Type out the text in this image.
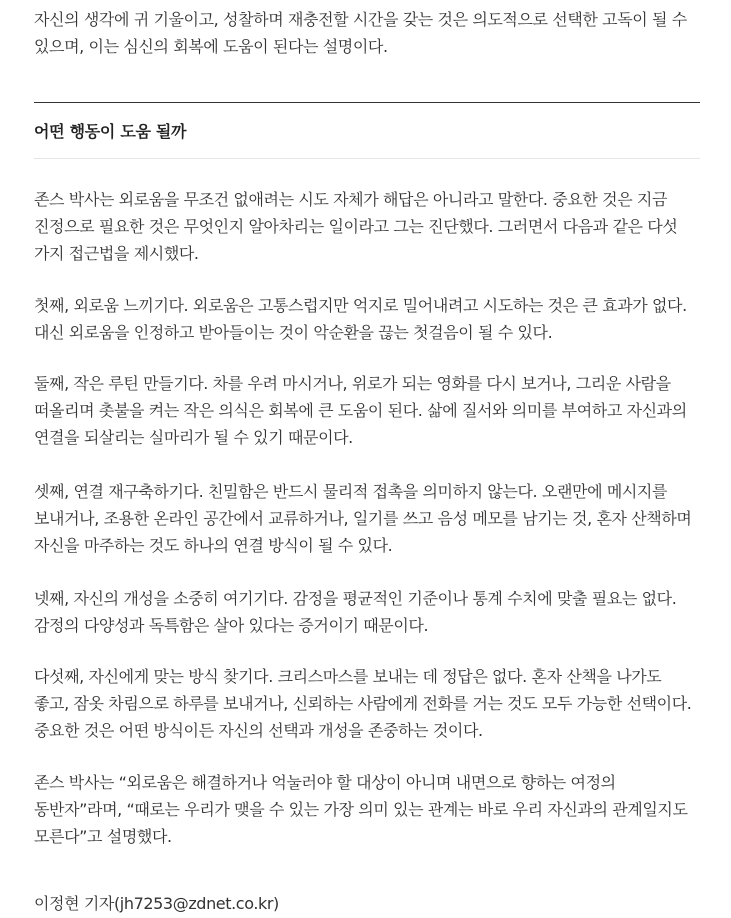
자신의 생각에 귀 기울이고, 성찰하며 재충전할 시간을 갖는 것은 의도적으로 선택한 고독이 될 수 있으며, 이는 심신의 회복에 도움이 된다는 설명이다.

어떤 행동이 도움 될까

존스 박사는 외로움을 무조건 없애려는 시도 자체가 해답은 아니라고 말한다. 중요한 것은 지금 진정으로 필요한 것은 무엇인지 알아차리는 일이라고 그는 진단했다. 그러면서 다음과 같은 다섯 가지 접근법을 제시했다.

첫째, 외로움 느끼기다. 외로움은 고통스럽지만 억지로 밀어내려고 시도하는 것은 큰 효과가 없다. 대신 외로움을 인정하고 받아들이는 것이 악순환을 끊는 첫걸음이 될 수 있다.

둘째, 작은 루틴 만들기다. 차를 우려 마시거나, 위로가 되는 영화를 다시 보거나, 그리운 사람을 떠올리며 촛불을 켜는 작은 의식은 회복에 큰 도움이 된다. 삶에 질서와 의미를 부여하고 자신과의 연결을 되살리는 실마리가 될 수 있기 때문이다.

셋째, 연결 재구축하기다. 친밀함은 반드시 물리적 접촉을 의미하지 않는다. 오랜만에 메시지를 보내거나, 조용한 온라인 공간에서 교류하거나, 일기를 쓰고 음성 메모를 남기는 것, 혼자 산책하며 자신을 마주하는 것도 하나의 연결 방식이 될 수 있다.

넷째, 자신의 개성을 소중히 여기기다. 감정을 평균적인 기준이나 통계 수치에 맞출 필요는 없다. 감정의 다양성과 독특함은 살아 있다는 증거이기 때문이다.

다섯째, 자신에게 맞는 방식 찾기다. 크리스마스를 보내는 데 정답은 없다. 혼자 산책을 나가도 좋고, 잠옷 차림으로 하루를 보내거나, 신뢰하는 사람에게 전화를 거는 것도 모두 가능한 선택이다. 중요한 것은 어떤 방식이든 자신의 선택과 개성을 존중하는 것이다.

존스 박사는 “외로움은 해결하거나 억눌러야 할 대상이 아니며 내면으로 향하는 여정의 동반자”라며, “때로는 우리가 맺을 수 있는 가장 의미 있는 관계는 바로 우리 자신과의 관계일지도 모른다”고 설명했다.

이정현 기자(jh7253@zdnet.co.kr)
